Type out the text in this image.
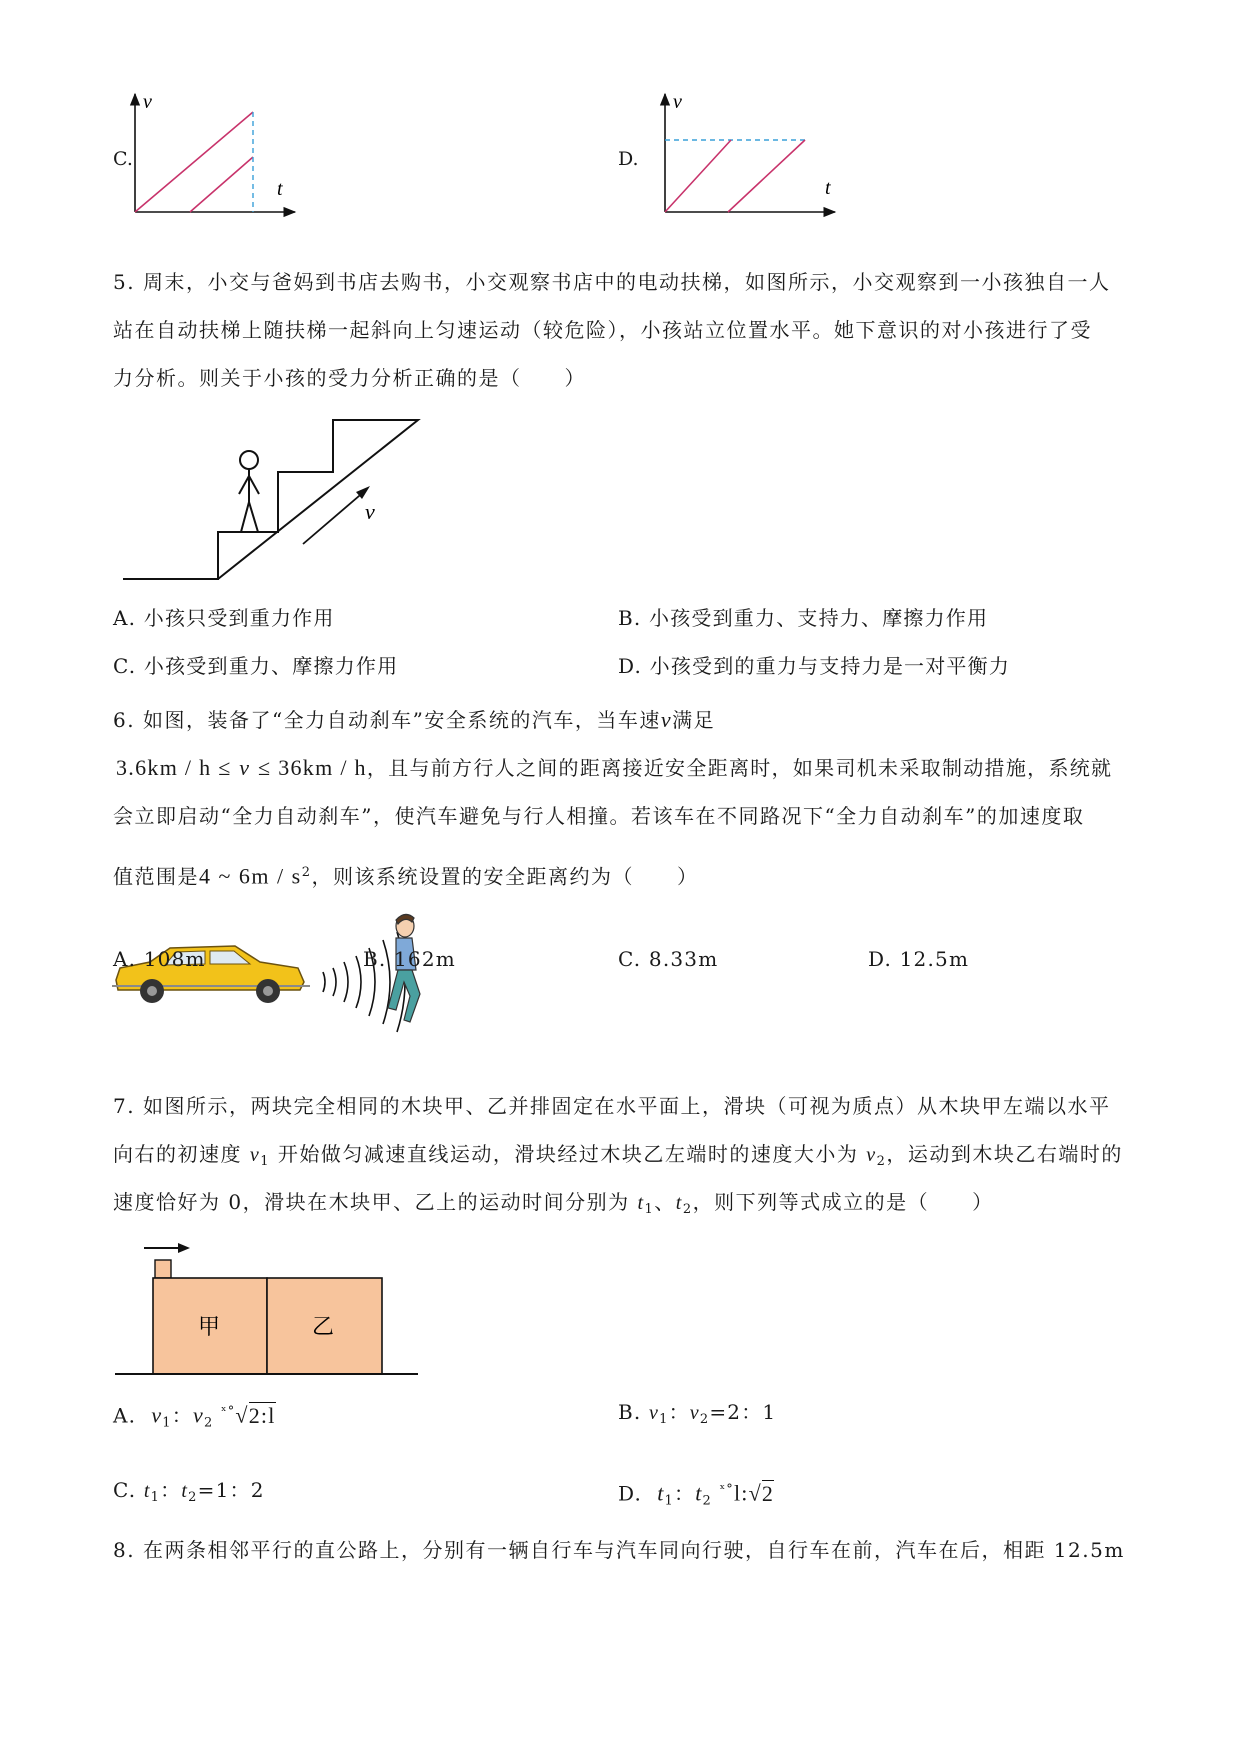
C.
v
t
D.
v
t
5. 周末，小交与爸妈到书店去购书，小交观察书店中的电动扶梯，如图所示，小交观察到一小孩独自一人
站在自动扶梯上随扶梯一起斜向上匀速运动（较危险），小孩站立位置水平。她下意识的对小孩进行了受
力分析。则关于小孩的受力分析正确的是（　　）
v
A. 小孩只受到重力作用	B. 小孩受到重力、支持力、摩擦力作用
C. 小孩受到重力、摩擦力作用	D. 小孩受到的重力与支持力是一对平衡力
6. 如图，装备了“全力自动刹车”安全系统的汽车，当车速v满足
3.6km / h ≤ v ≤ 36km / h，且与前方行人之间的距离接近安全距离时，如果司机未采取制动措施，系统就
会立即启动“全力自动刹车”，使汽车避免与行人相撞。若该车在不同路况下“全力自动刹车”的加速度取
值范围是4 ~ $6m / s^2$，则该系统设置的安全距离约为（　　）
A. 108m	B. 162m	C. 8.33m	D. 12.5m
7. 如图所示，两块完全相同的木块甲、乙并排固定在水平面上，滑块（可视为质点）从木块甲左端以水平
向右的初速度 $v_1$ 开始做匀减速直线运动，滑块经过木块乙左端时的速度大小为 $v_2$，运动到木块乙右端时的
速度恰好为 0，滑块在木块甲、乙上的运动时间分别为 $t_1$、$t_2$，则下列等式成立的是（　　）
甲	乙
A. $v_1$：$v_2$ $^{ˣ^\circ}$√2:l	B. $v_1$：$v_2=2$：1
C. $t_1$：$t_2=1$：2	D. $t_1$：$t_2$ $^{ˣ^\circ}$l:√2
8. 在两条相邻平行的直公路上，分别有一辆自行车与汽车同向行驶，自行车在前，汽车在后，相距 12.5m
